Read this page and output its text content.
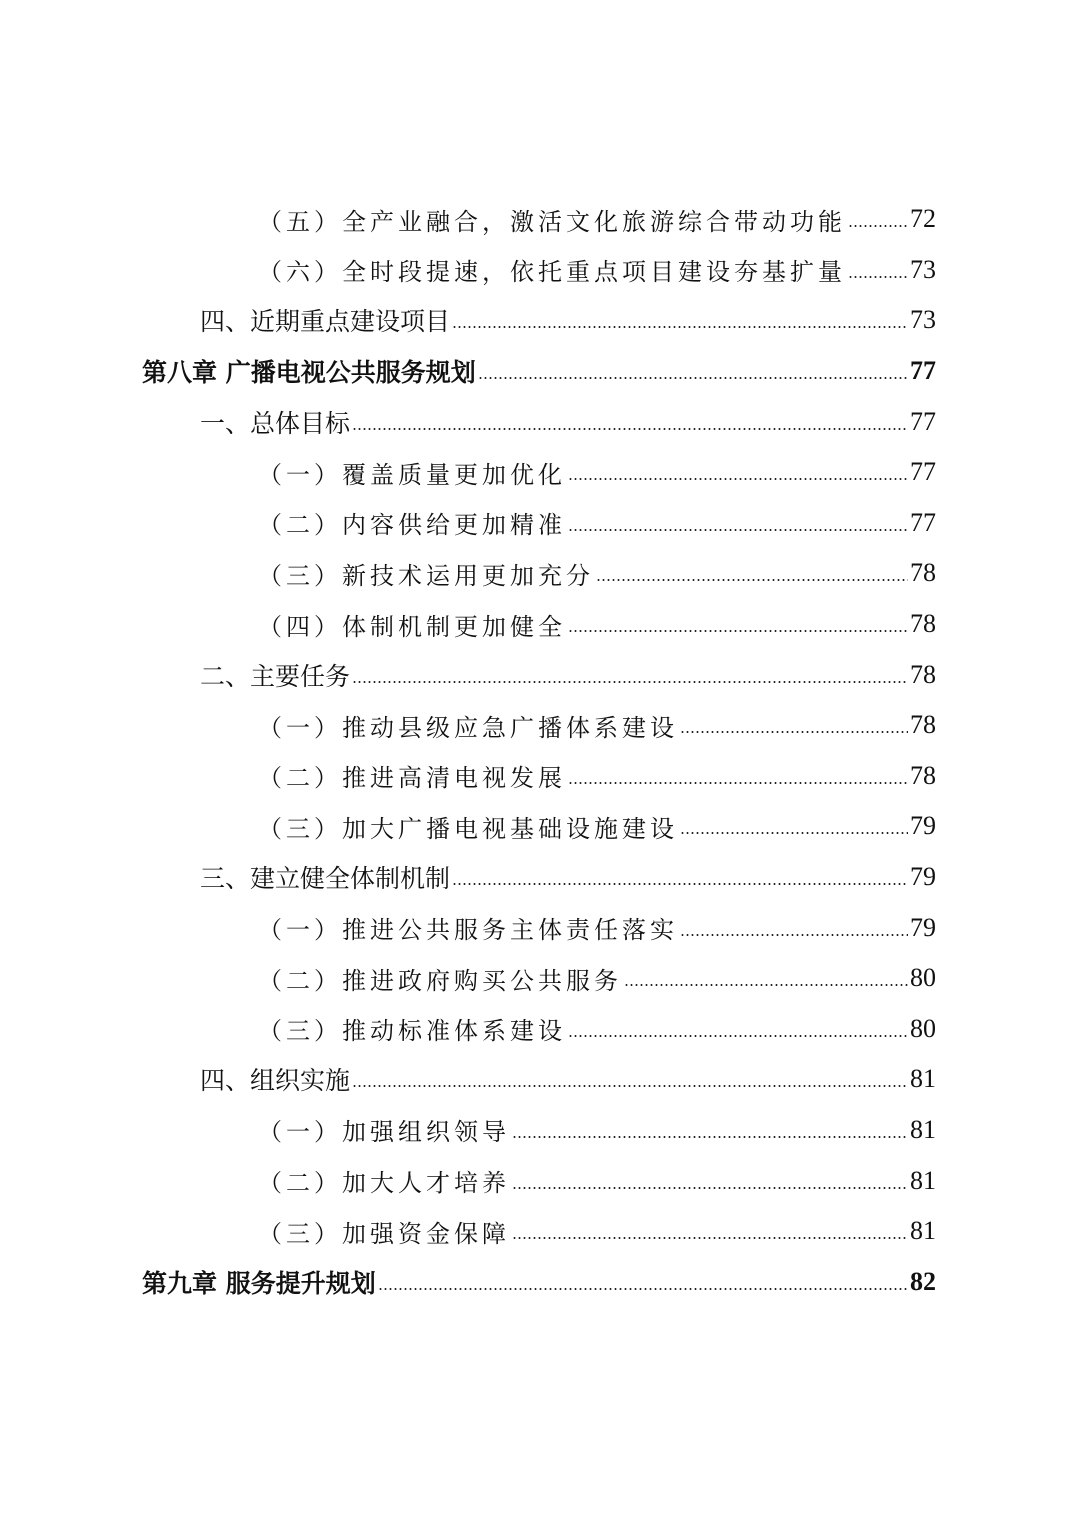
（五）全产业融合，激活文化旅游综合带动功能 72
（六）全时段提速，依托重点项目建设夯基扩量 73
四、近期重点建设项目	73
第八章 广播电视公共服务规划	77
一、总体目标	77
（一）覆盖质量更加优化	77
（二）内容供给更加精准	77
（三）新技术运用更加充分	78
（四）体制机制更加健全	78
二、主要任务	78
（一）推动县级应急广播体系建设	78
（二）推进高清电视发展	78
（三）加大广播电视基础设施建设	79
三、建立健全体制机制	79
（一）推进公共服务主体责任落实	79
（二）推进政府购买公共服务	80
（三）推动标准体系建设	80
四、组织实施	81
（一）加强组织领导	81
（二）加大人才培养	81
（三）加强资金保障	81
第九章 服务提升规划	82
